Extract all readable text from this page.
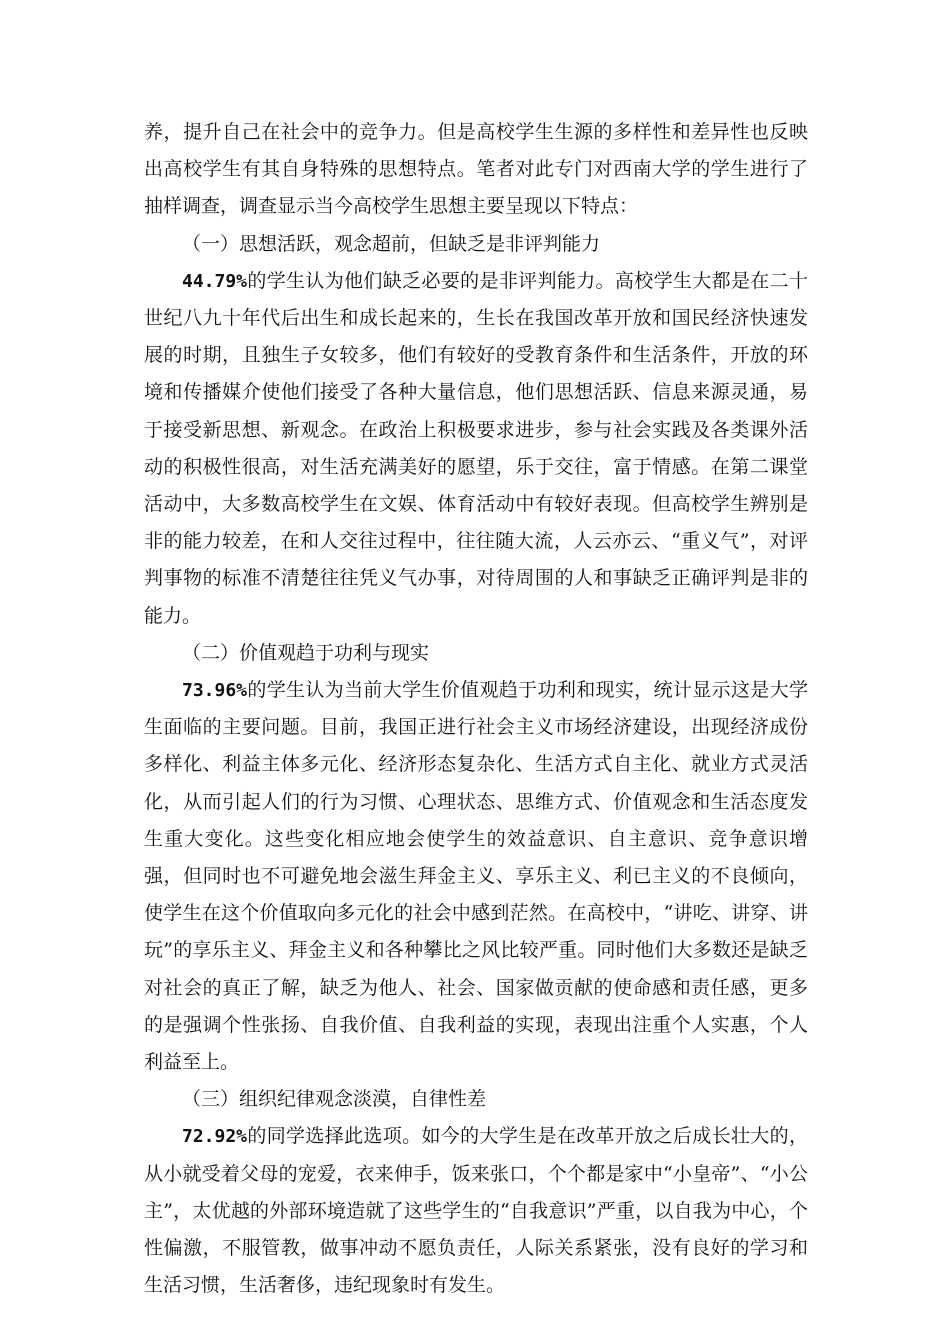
养，提升自己在社会中的竞争力。但是高校学生生源的多样性和差异性也反映出高校学生有其自身特殊的思想特点。笔者对此专门对西南大学的学生进行了抽样调查，调查显示当今高校学生思想主要呈现以下特点：

（一）思想活跃，观念超前，但缺乏是非评判能力

44.79%的学生认为他们缺乏必要的是非评判能力。高校学生大都是在二十世纪八九十年代后出生和成长起来的，生长在我国改革开放和国民经济快速发展的时期，且独生子女较多，他们有较好的受教育条件和生活条件，开放的环境和传播媒介使他们接受了各种大量信息，他们思想活跃、信息来源灵通，易于接受新思想、新观念。在政治上积极要求进步，参与社会实践及各类课外活动的积极性很高，对生活充满美好的愿望，乐于交往，富于情感。在第二课堂活动中，大多数高校学生在文娱、体育活动中有较好表现。但高校学生辨别是非的能力较差，在和人交往过程中，往往随大流，人云亦云、“重义气”，对评判事物的标准不清楚往往凭义气办事，对待周围的人和事缺乏正确评判是非的能力。

（二）价值观趋于功利与现实

73.96%的学生认为当前大学生价值观趋于功利和现实，统计显示这是大学生面临的主要问题。目前，我国正进行社会主义市场经济建设，出现经济成份多样化、利益主体多元化、经济形态复杂化、生活方式自主化、就业方式灵活化，从而引起人们的行为习惯、心理状态、思维方式、价值观念和生活态度发生重大变化。这些变化相应地会使学生的效益意识、自主意识、竞争意识增强，但同时也不可避免地会滋生拜金主义、享乐主义、利已主义的不良倾向，使学生在这个价值取向多元化的社会中感到茫然。在高校中，“讲吃、讲穿、讲玩”的享乐主义、拜金主义和各种攀比之风比较严重。同时他们大多数还是缺乏对社会的真正了解，缺乏为他人、社会、国家做贡献的使命感和责任感，更多的是强调个性张扬、自我价值、自我利益的实现，表现出注重个人实惠，个人利益至上。

（三）组织纪律观念淡漠，自律性差

72.92%的同学选择此选项。如今的大学生是在改革开放之后成长壮大的，从小就受着父母的宠爱，衣来伸手，饭来张口，个个都是家中“小皇帝”、“小公主”，太优越的外部环境造就了这些学生的“自我意识”严重，以自我为中心，个性偏激，不服管教，做事冲动不愿负责任，人际关系紧张，没有良好的学习和生活习惯，生活奢侈，违纪现象时有发生。
